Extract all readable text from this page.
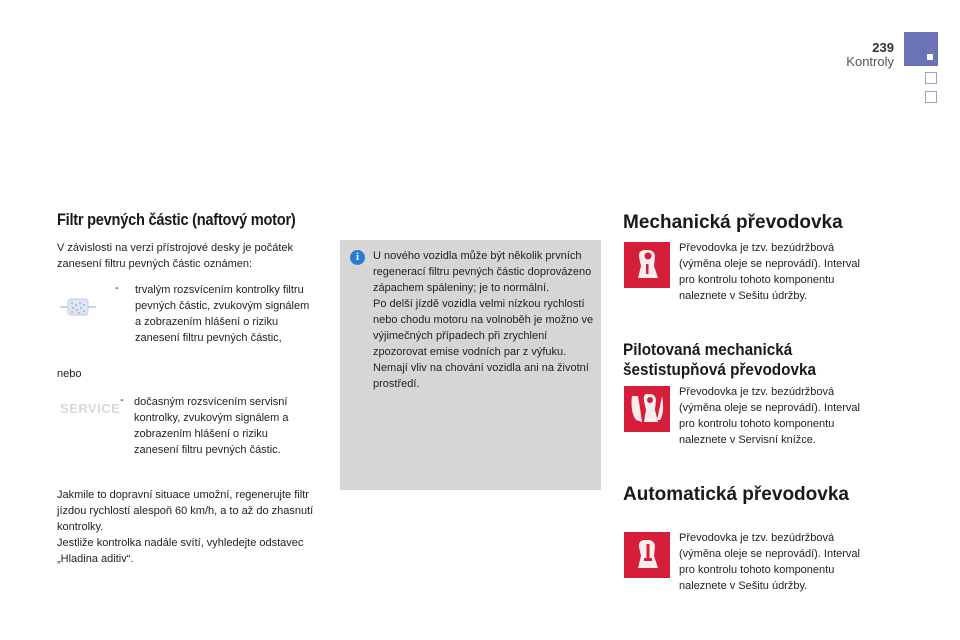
239
Kontroly
Filtr pevných částic (naftový motor)
V závislosti na verzi přístrojové desky je počátek zanesení filtru pevných částic oznámen:
- trvalým rozsvícením kontrolky filtru pevných částic, zvukovým signálem a zobrazením hlášení o riziku zanesení filtru pevných částic,
nebo
SERVICE
- dočasným rozsvícením servisní kontrolky, zvukovým signálem a zobrazením hlášení o riziku zanesení filtru pevných částic.
Jakmile to dopravní situace umožní, regenerujte filtr jízdou rychlostí alespoň 60 km/h, a to až do zhasnutí kontrolky.
Jestliže kontrolka nadále svítí, vyhledejte odstavec „Hladina aditiv“.
i	U nového vozidla může být několik prvních regenerací filtru pevných částic doprovázeno zápachem spáleniny; je to normální.
Po delší jízdě vozidla velmi nízkou rychlostí nebo chodu motoru na volnoběh je možno ve výjimečných případech při zrychlení zpozorovat emise vodních par z výfuku. Nemají vliv na chování vozidla ani na životní prostředí.
Mechanická převodovka
Převodovka je tzv. bezúdržbová (výměna oleje se neprovádí). Interval pro kontrolu tohoto komponentu naleznete v Sešitu údržby.
Pilotovaná mechanická šestistupňová převodovka
Převodovka je tzv. bezúdržbová (výměna oleje se neprovádí). Interval pro kontrolu tohoto komponentu naleznete v Servisní knížce.
Automatická převodovka
Převodovka je tzv. bezúdržbová (výměna oleje se neprovádí). Interval pro kontrolu tohoto komponentu naleznete v Sešitu údržby.
